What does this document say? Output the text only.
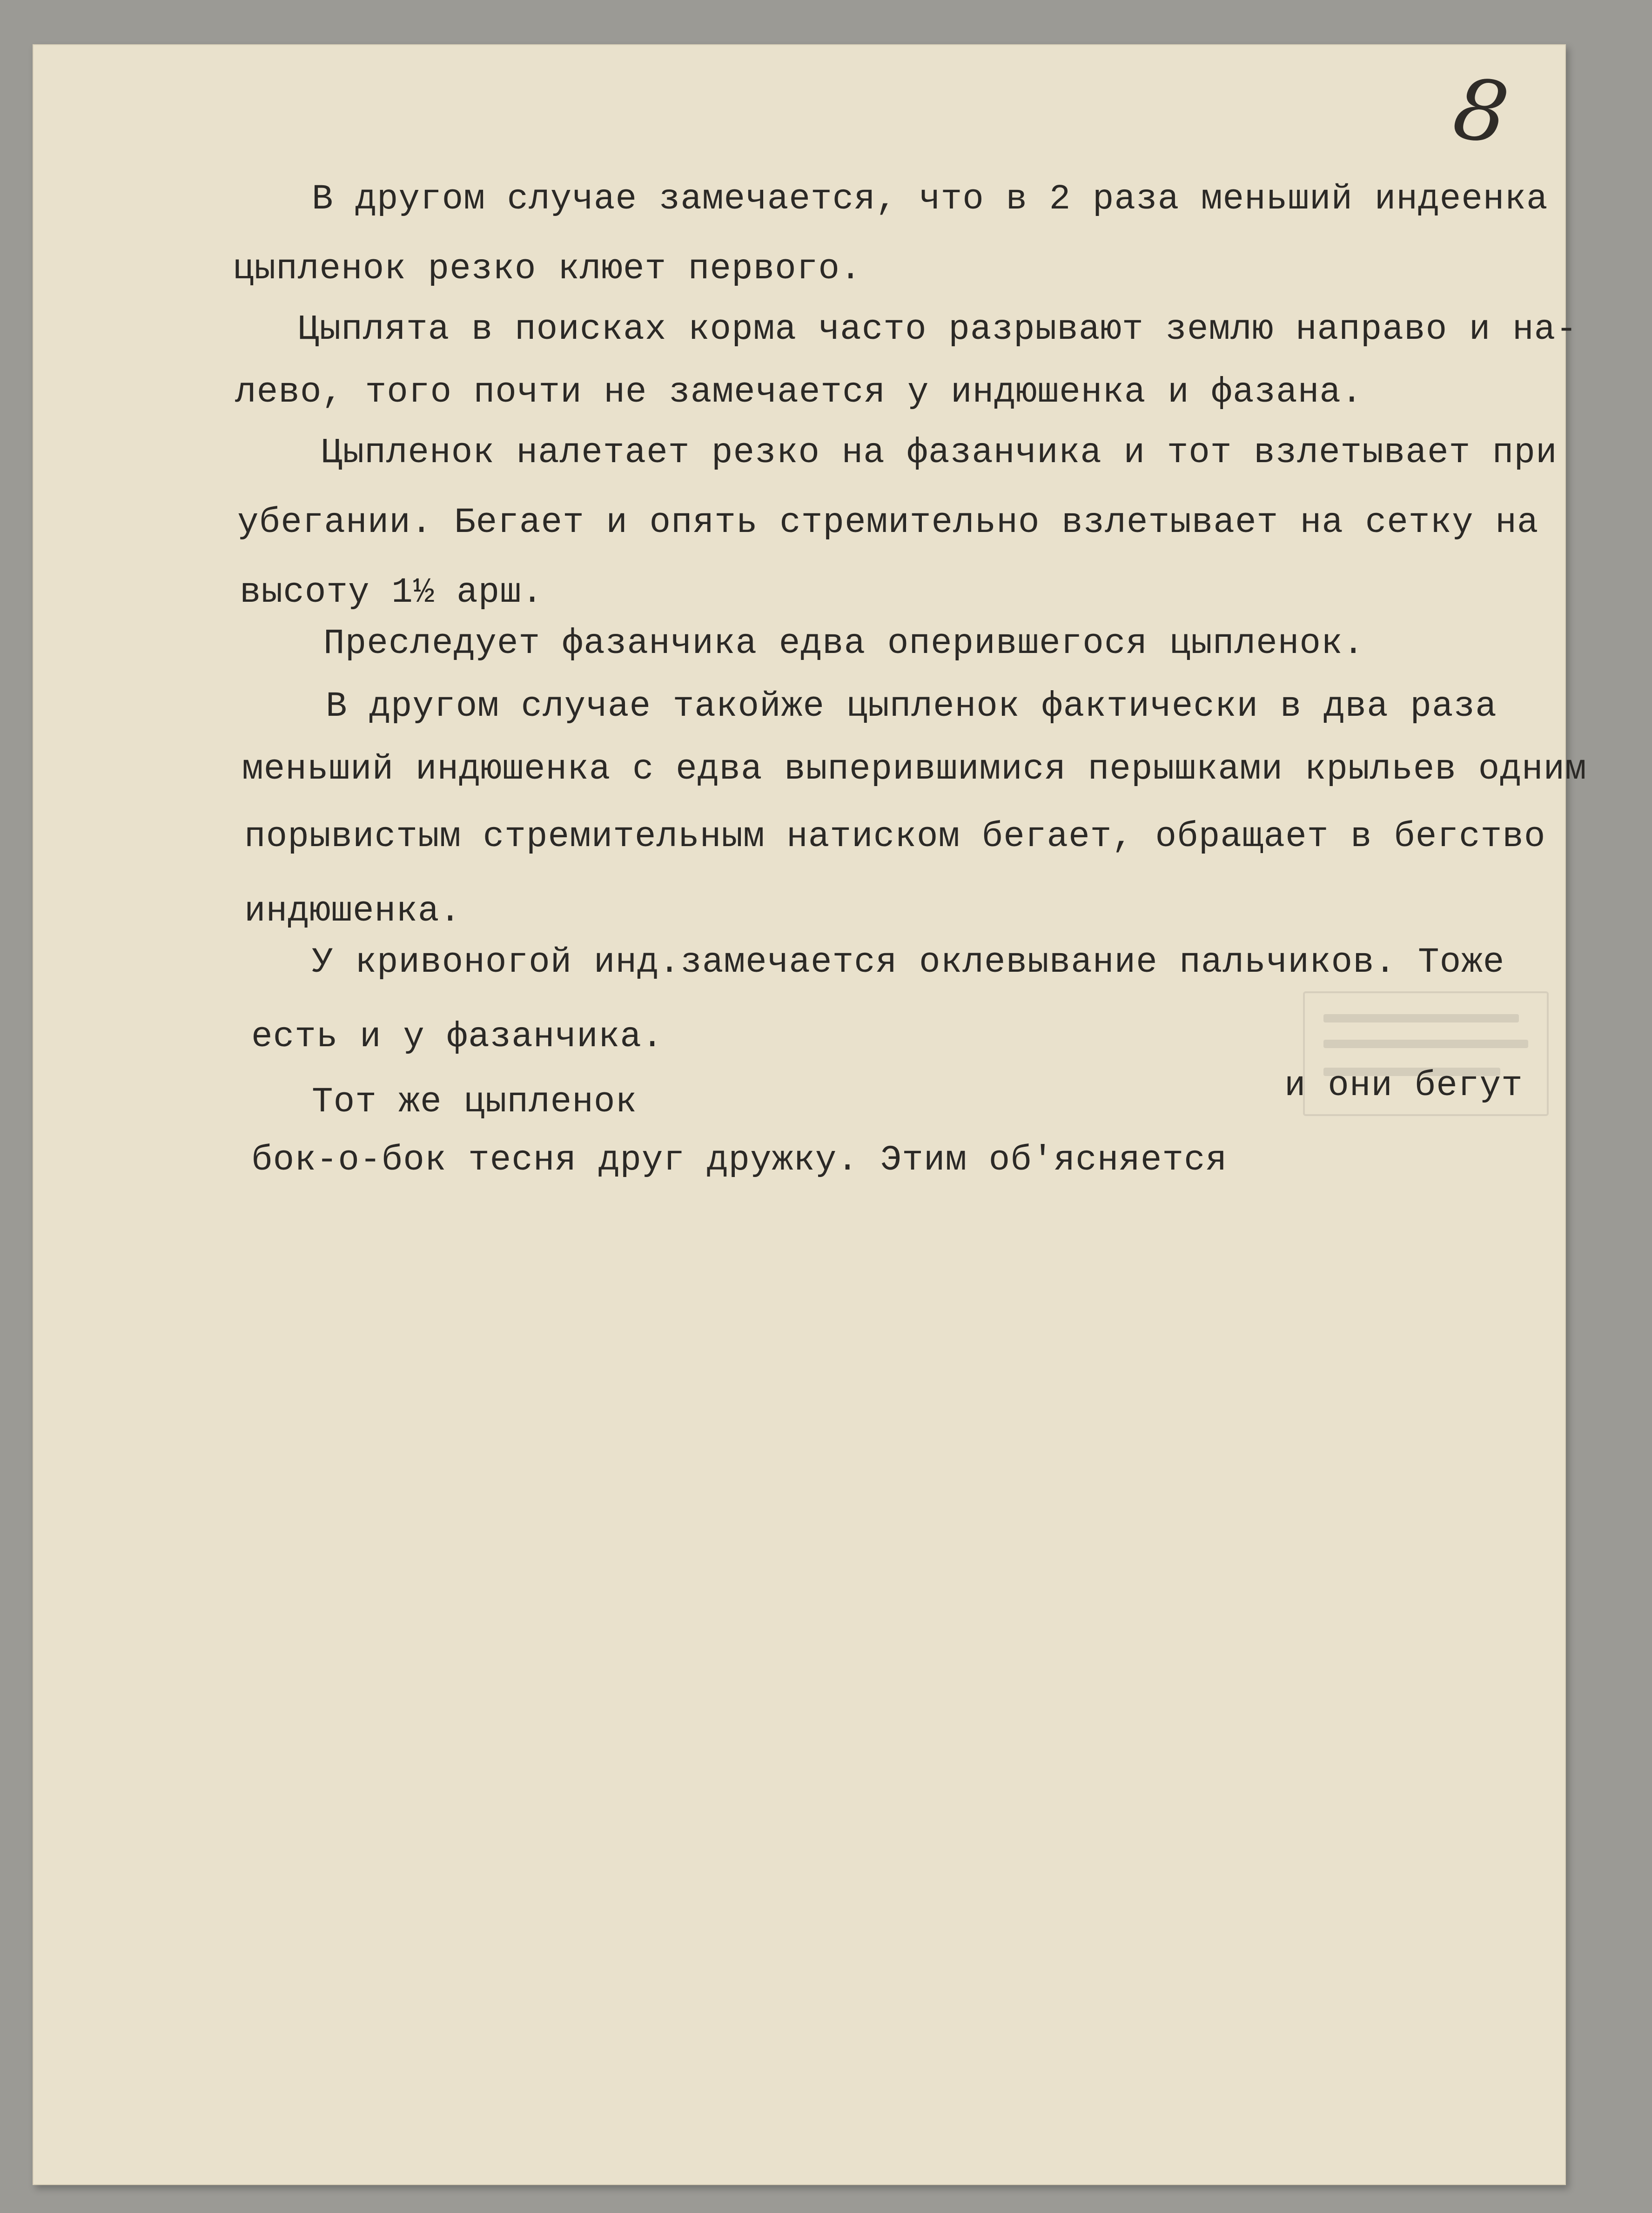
8

В другом случае замечается, что в 2 раза меньший индеенка

цыпленок резко клюет первого.

Цыплята в поисках корма часто разрывают землю направо и на-

лево, того почти не замечается у индюшенка и фазана.

Цыпленок налетает резко на фазанчика и тот взлетывает при

убегании. Бегает и опять стремительно взлетывает на сетку на

высоту 1½ арш.

Преследует фазанчика едва оперившегося цыпленок.

В другом случае такойже цыпленок фактически в два раза

меньший индюшенка с едва выперившимися перышками крыльев одним

порывистым стремительным натиском бегает, обращает в бегство

индюшенка.

У кривоногой инд.замечается оклевывание пальчиков. Тоже

есть и у фазанчика.

Тот же цыпленок	и они бегут

бок-о-бок тесня друг дружку. Этим об'ясняется
